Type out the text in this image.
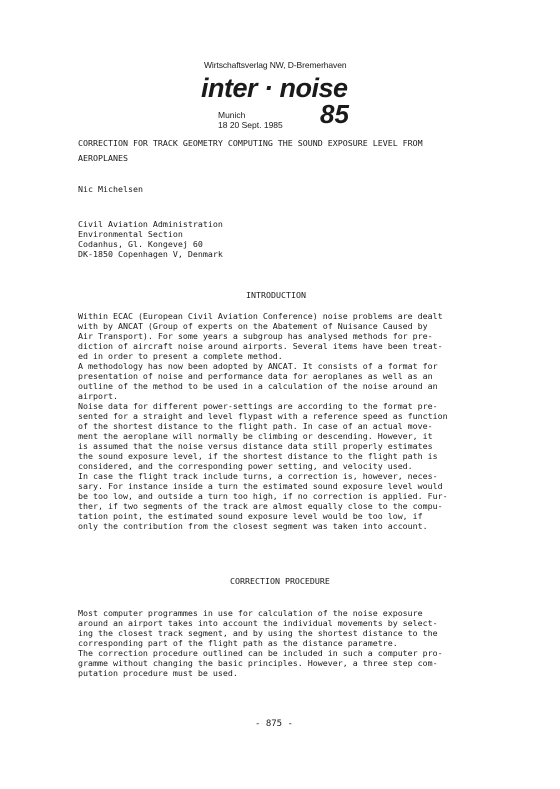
Wirtschaftsverlag NW, D-Bremerhaven
inter · noise
Munich
18 20 Sept. 1985 85
CORRECTION FOR TRACK GEOMETRY COMPUTING THE SOUND EXPOSURE LEVEL FROM
AEROPLANES
Nic Michelsen
Civil Aviation Administration
Environmental Section
Codanhus, Gl. Kongevej 60
DK-1850 Copenhagen V, Denmark
INTRODUCTION
Within ECAC (European Civil Aviation Conference) noise problems are dealt
with by ANCAT (Group of experts on the Abatement of Nuisance Caused by
Air Transport). For some years a subgroup has analysed methods for pre-
diction of aircraft noise around airports. Several items have been treat-
ed in order to present a complete method.
A methodology has now been adopted by ANCAT. It consists of a format for
presentation of noise and performance data for aeroplanes as well as an
outline of the method to be used in a calculation of the noise around an
airport.
Noise data for different power-settings are according to the format pre-
sented for a straight and level flypast with a reference speed as function
of the shortest distance to the flight path. In case of an actual move-
ment the aeroplane will normally be climbing or descending. However, it
is assumed that the noise versus distance data still properly estimates
the sound exposure level, if the shortest distance to the flight path is
considered, and the corresponding power setting, and velocity used.
In case the flight track include turns, a correction is, however, neces-
sary. For instance inside a turn the estimated sound exposure level would
be too low, and outside a turn too high, if no correction is applied. Fur-
ther, if two segments of the track are almost equally close to the compu-
tation point, the estimated sound exposure level would be too low, if
only the contribution from the closest segment was taken into account.
CORRECTION PROCEDURE
Most computer programmes in use for calculation of the noise exposure
around an airport takes into account the individual movements by select-
ing the closest track segment, and by using the shortest distance to the
corresponding part of the flight path as the distance parametre.
The correction procedure outlined can be included in such a computer pro-
gramme without changing the basic principles. However, a three step com-
putation procedure must be used.
- 875 -
